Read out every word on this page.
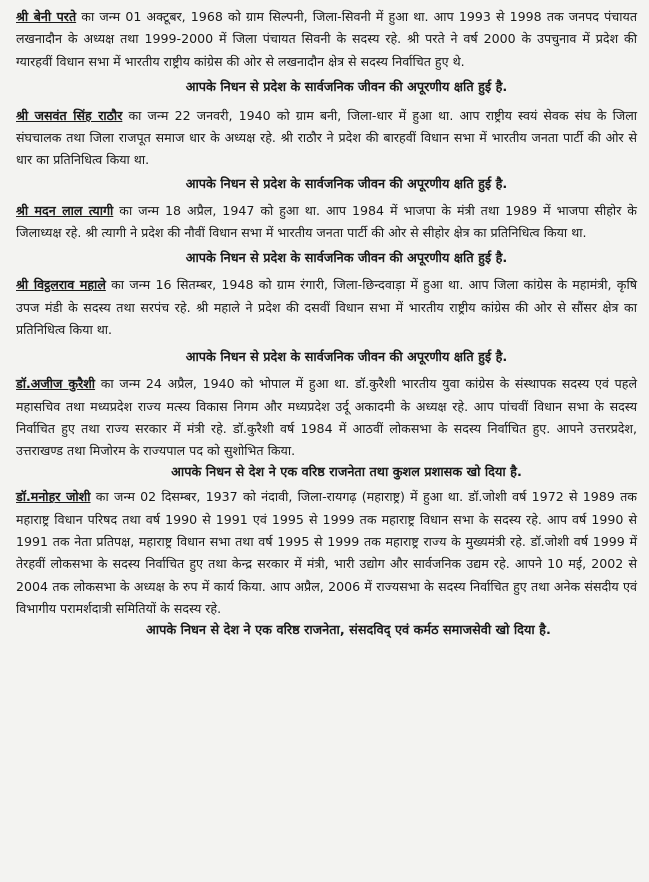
श्री बेनी परते का जन्म 01 अक्टूबर, 1968 को ग्राम सिल्पनी, जिला-सिवनी में हुआ था. आप 1993 से 1998 तक जनपद पंचायत लखनादौन के अध्यक्ष तथा 1999-2000 में जिला पंचायत सिवनी के सदस्य रहे. श्री परते ने वर्ष 2000 के उपचुनाव में प्रदेश की ग्यारहवीं विधान सभा में भारतीय राष्ट्रीय कांग्रेस की ओर से लखनादौन क्षेत्र से सदस्य निर्वाचित हुए थे.

आपके निधन से प्रदेश के सार्वजनिक जीवन की अपूरणीय क्षति हुई है.

श्री जसवंत सिंह राठौर का जन्म 22 जनवरी, 1940 को ग्राम बनी, जिला-धार में हुआ था. आप राष्ट्रीय स्वयं सेवक संघ के जिला संघचालक तथा जिला राजपूत समाज धार के अध्यक्ष रहे. श्री राठौर ने प्रदेश की बारहवीं विधान सभा में भारतीय जनता पार्टी की ओर से धार का प्रतिनिधित्व किया था.

आपके निधन से प्रदेश के सार्वजनिक जीवन की अपूरणीय क्षति हुई है.

श्री मदन लाल त्यागी का जन्म 18 अप्रैल, 1947 को हुआ था. आप 1984 में भाजपा के मंत्री तथा 1989 में भाजपा सीहोर के जिलाध्यक्ष रहे. श्री त्यागी ने प्रदेश की नौवीं विधान सभा में भारतीय जनता पार्टी की ओर से सीहोर क्षेत्र का प्रतिनिधित्व किया था.

आपके निधन से प्रदेश के सार्वजनिक जीवन की अपूरणीय क्षति हुई है.

श्री विट्ठलराव महाले का जन्म 16 सितम्बर, 1948 को ग्राम रंगारी, जिला-छिन्दवाड़ा में हुआ था. आप जिला कांग्रेस के महामंत्री, कृषि उपज मंडी के सदस्य तथा सरपंच रहे. श्री महाले ने प्रदेश की दसवीं विधान सभा में भारतीय राष्ट्रीय कांग्रेस की ओर से सौंसर क्षेत्र का प्रतिनिधित्व किया था.

आपके निधन से प्रदेश के सार्वजनिक जीवन की अपूरणीय क्षति हुई है.

डॉ.अजीज कुरैशी का जन्म 24 अप्रैल, 1940 को भोपाल में हुआ था. डॉ.कुरैशी भारतीय युवा कांग्रेस के संस्थापक सदस्य एवं पहले महासचिव तथा मध्यप्रदेश राज्य मत्स्य विकास निगम और मध्यप्रदेश उर्दू अकादमी के अध्यक्ष रहे. आप पांचवीं विधान सभा के सदस्य निर्वाचित हुए तथा राज्य सरकार में मंत्री रहे. डॉ.कुरैशी वर्ष 1984 में आठवीं लोकसभा के सदस्य निर्वाचित हुए. आपने उत्तरप्रदेश, उत्तराखण्ड तथा मिजोरम के राज्यपाल पद को सुशोभित किया.

आपके निधन से देश ने एक वरिष्ठ राजनेता तथा कुशल प्रशासक खो दिया है.

डॉ.मनोहर जोशी का जन्म 02 दिसम्बर, 1937 को नंदावी, जिला-रायगढ़ (महाराष्ट्र) में हुआ था. डॉ.जोशी वर्ष 1972 से 1989 तक महाराष्ट्र विधान परिषद तथा वर्ष 1990 से 1991 एवं 1995 से 1999 तक महाराष्ट्र विधान सभा के सदस्य रहे. आप वर्ष 1990 से 1991 तक नेता प्रतिपक्ष, महाराष्ट्र विधान सभा तथा वर्ष 1995 से 1999 तक महाराष्ट्र राज्य के मुख्यमंत्री रहे. डॉ.जोशी वर्ष 1999 में तेरहवीं लोकसभा के सदस्य निर्वाचित हुए तथा केन्द्र सरकार में मंत्री, भारी उद्योग और सार्वजनिक उद्यम रहे. आपने 10 मई, 2002 से 2004 तक लोकसभा के अध्यक्ष के रुप में कार्य किया. आप अप्रैल, 2006 में राज्यसभा के सदस्य निर्वाचित हुए तथा अनेक संसदीय एवं विभागीय परामर्शदात्री समितियों के सदस्य रहे.

आपके निधन से देश ने एक वरिष्ठ राजनेता, संसदविद् एवं कर्मठ समाजसेवी खो दिया है.
